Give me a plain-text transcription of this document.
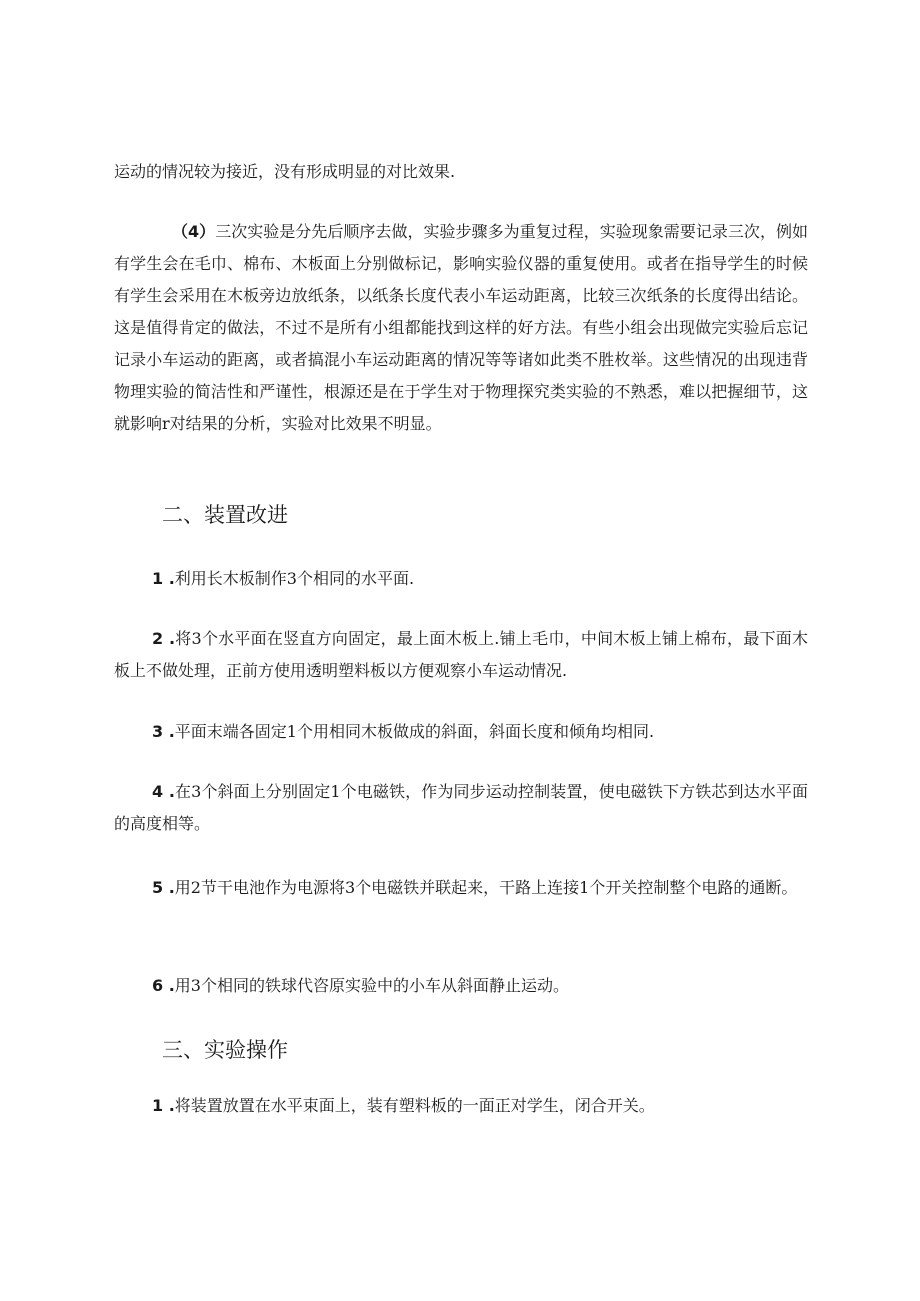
运动的情况较为接近，没有形成明显的对比效果.

（4）三次实验是分先后顺序去做，实验步骤多为重复过程，实验现象需要记录三次，例如有学生会在毛巾、棉布、木板面上分别做标记，影响实验仪器的重复使用。或者在指导学生的时候有学生会采用在木板旁边放纸条，以纸条长度代表小车运动距离，比较三次纸条的长度得出结论。这是值得肯定的做法，不过不是所有小组都能找到这样的好方法。有些小组会出现做完实验后忘记记录小车运动的距离，或者搞混小车运动距离的情况等等诸如此类不胜枚举。这些情况的出现违背物理实验的简洁性和严谨性，根源还是在于学生对于物理探究类实验的不熟悉，难以把握细节，这就影响r对结果的分析，实验对比效果不明显。

二、装置改进

1 .利用长木板制作3个相同的水平面.

2 .将3个水平面在竖直方向固定，最上面木板上.铺上毛巾，中间木板上铺上棉布，最下面木板上不做处理，正前方使用透明塑料板以方便观察小车运动情况.

3 .平面末端各固定1个用相同木板做成的斜面，斜面长度和倾角均相同.

4 .在3个斜面上分别固定1个电磁铁，作为同步运动控制装置，使电磁铁下方铁芯到达水平面的高度相等。

5 .用2节干电池作为电源将3个电磁铁并联起来，干路上连接1个开关控制整个电路的通断。

6 .用3个相同的铁球代咨原实验中的小车从斜面静止运动。

三、实验操作

1 .将装置放置在水平束面上，装有塑料板的一面正对学生，闭合开关。
